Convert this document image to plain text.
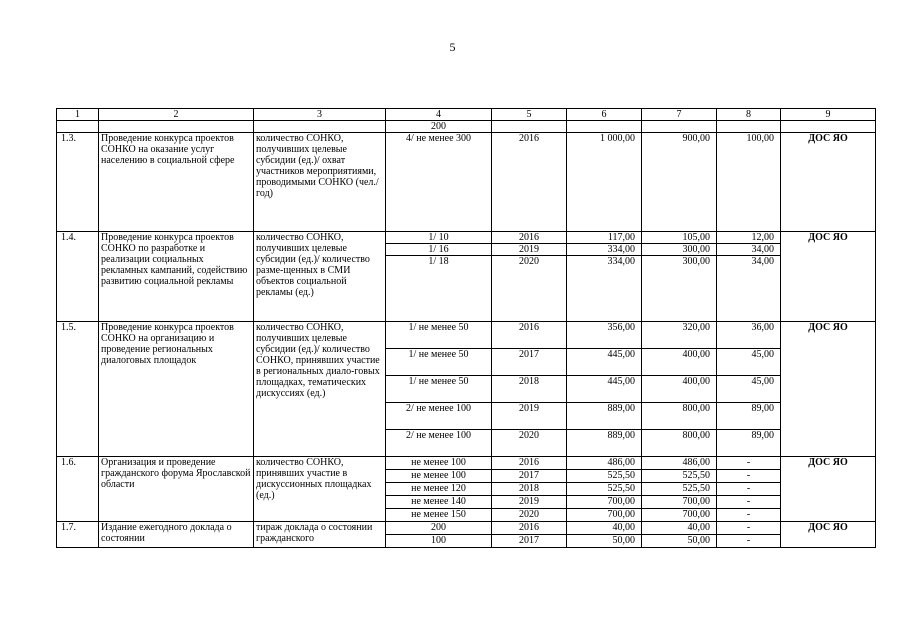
5
1	2	3	4	5	6	7	8	9
			200					
1.3.	Проведение конкурса проектов СОНКО на оказание услуг населению в социальной сфере	количество СОНКО, получивших целевые субсидии (ед.)/ охват участников мероприятиями, проводимыми СОНКО (чел./ год)	4/ не менее 300	2016	1 000,00	900,00	100,00	ДОС ЯО
1.4.	Проведение конкурса проектов СОНКО по разработке и реализации социальных рекламных кампаний, содействию развитию социальной рекламы	количество СОНКО, получивших целевые субсидии (ед.)/ количество разме-щенных в СМИ объектов социальной рекламы (ед.)	1/ 10	2016	117,00	105,00	12,00	ДОС ЯО
			1/ 16	2019	334,00	300,00	34,00	
			1/ 18	2020	334,00	300,00	34,00	
1.5.	Проведение конкурса проектов СОНКО на организацию и проведение региональных диалоговых площадок	количество СОНКО, получивших целевые субсидии (ед.)/ количество СОНКО, принявших участие в региональных диало-говых площадках, тематических дискуссиях (ед.)	1/ не менее 50	2016	356,00	320,00	36,00	ДОС ЯО
			1/ не менее 50	2017	445,00	400,00	45,00	
			1/ не менее 50	2018	445,00	400,00	45,00	
			2/ не менее 100	2019	889,00	800,00	89,00	
			2/ не менее 100	2020	889,00	800,00	89,00	
1.6.	Организация и проведение гражданского форума Ярославской области	количество СОНКО, принявших участие в дискуссионных площадках (ед.)	не менее 100	2016	486,00	486,00	-	ДОС ЯО
			не менее 100	2017	525,50	525,50	-	
			не менее 120	2018	525,50	525,50	-	
			не менее 140	2019	700,00	700,00	-	
			не менее 150	2020	700,00	700,00	-	
1.7.	Издание ежегодного доклада о состоянии	тираж доклада о состоянии гражданского	200	2016	40,00	40,00	-	ДОС ЯО
			100	2017	50,00	50,00	-	
